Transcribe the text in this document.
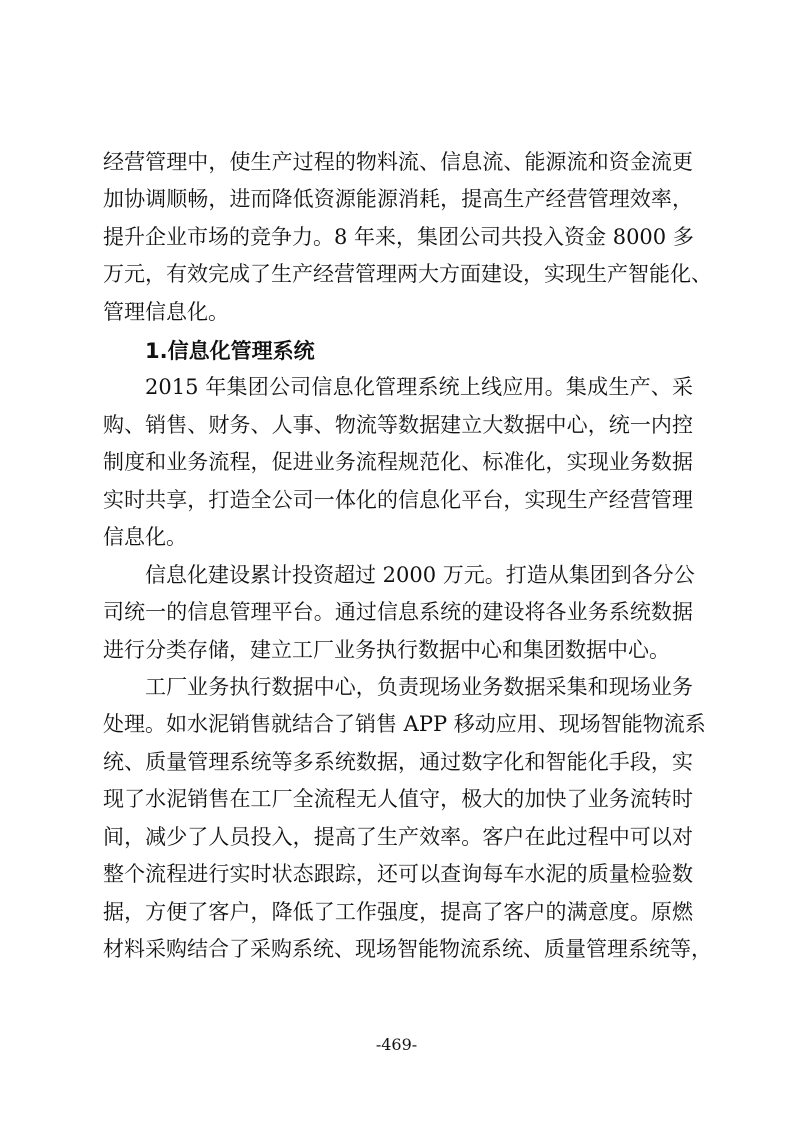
经营管理中，使生产过程的物料流、信息流、能源流和资金流更
加协调顺畅，进而降低资源能源消耗，提高生产经营管理效率，
提升企业市场的竞争力。8 年来，集团公司共投入资金 8000 多
万元，有效完成了生产经营管理两大方面建设，实现生产智能化、
管理信息化。
1.信息化管理系统
2015 年集团公司信息化管理系统上线应用。集成生产、采
购、销售、财务、人事、物流等数据建立大数据中心，统一内控
制度和业务流程，促进业务流程规范化、标准化，实现业务数据
实时共享，打造全公司一体化的信息化平台，实现生产经营管理
信息化。
信息化建设累计投资超过 2000 万元。打造从集团到各分公
司统一的信息管理平台。通过信息系统的建设将各业务系统数据
进行分类存储，建立工厂业务执行数据中心和集团数据中心。
工厂业务执行数据中心，负责现场业务数据采集和现场业务
处理。如水泥销售就结合了销售 APP 移动应用、现场智能物流系
统、质量管理系统等多系统数据，通过数字化和智能化手段，实
现了水泥销售在工厂全流程无人值守，极大的加快了业务流转时
间，减少了人员投入，提高了生产效率。客户在此过程中可以对
整个流程进行实时状态跟踪，还可以查询每车水泥的质量检验数
据，方便了客户，降低了工作强度，提高了客户的满意度。原燃
材料采购结合了采购系统、现场智能物流系统、质量管理系统等，
-469-
